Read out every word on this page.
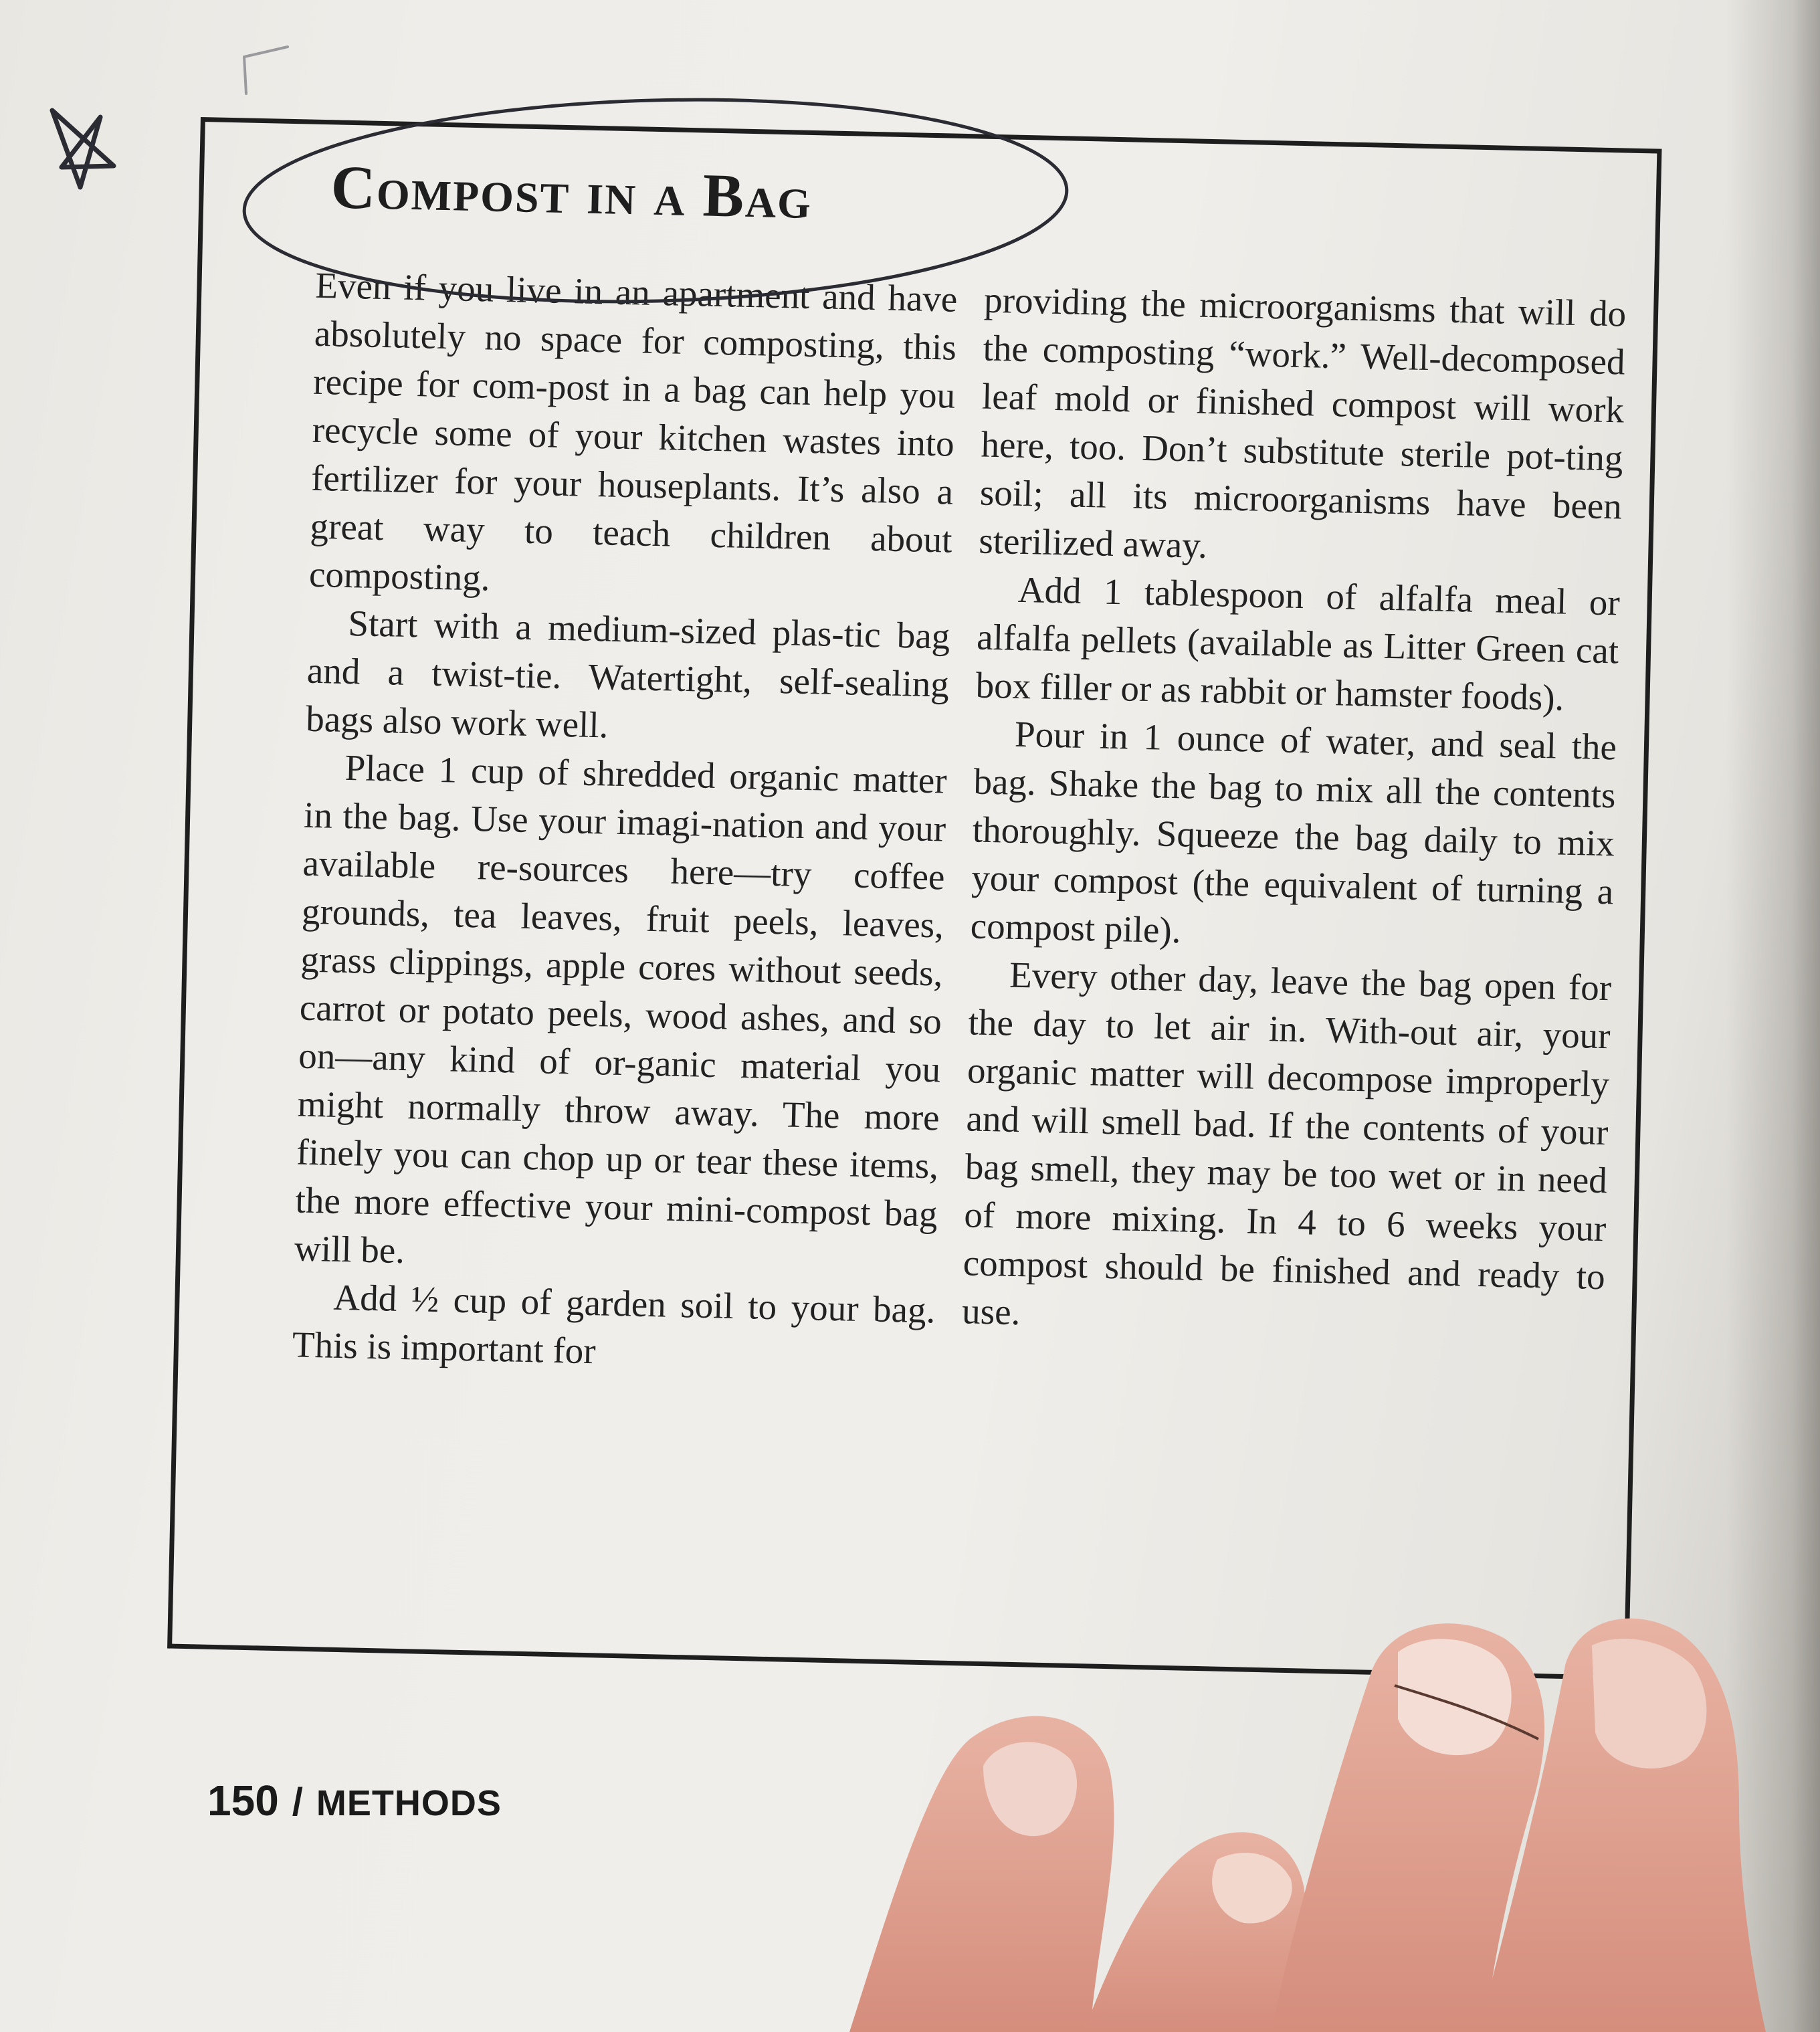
Compost in a Bag

Even if you live in an apartment and have absolutely no space for composting, this recipe for com-post in a bag can help you recycle some of your kitchen wastes into fertilizer for your houseplants. It’s also a great way to teach children about composting.

Start with a medium-sized plas-tic bag and a twist-tie. Watertight, self-sealing bags also work well.

Place 1 cup of shredded organic matter in the bag. Use your imagi-nation and your available re-sources here—try coffee grounds, tea leaves, fruit peels, leaves, grass clippings, apple cores without seeds, carrot or potato peels, wood ashes, and so on—any kind of or-ganic material you might normally throw away. The more finely you can chop up or tear these items, the more effective your mini-compost bag will be.

Add ½ cup of garden soil to your bag. This is important for

providing the microorganisms that will do the composting “work.” Well-decomposed leaf mold or finished compost will work here, too. Don’t substitute sterile pot-ting soil; all its microorganisms have been sterilized away.

Add 1 tablespoon of alfalfa meal or alfalfa pellets (available as Litter Green cat box filler or as rabbit or hamster foods).

Pour in 1 ounce of water, and seal the bag. Shake the bag to mix all the contents thoroughly. Squeeze the bag daily to mix your compost (the equivalent of turning a compost pile).

Every other day, leave the bag open for the day to let air in. With-out air, your organic matter will decompose improperly and will smell bad. If the contents of your bag smell, they may be too wet or in need of more mixing. In 4 to 6 weeks your compost should be finished and ready to use.

150 / METHODS
